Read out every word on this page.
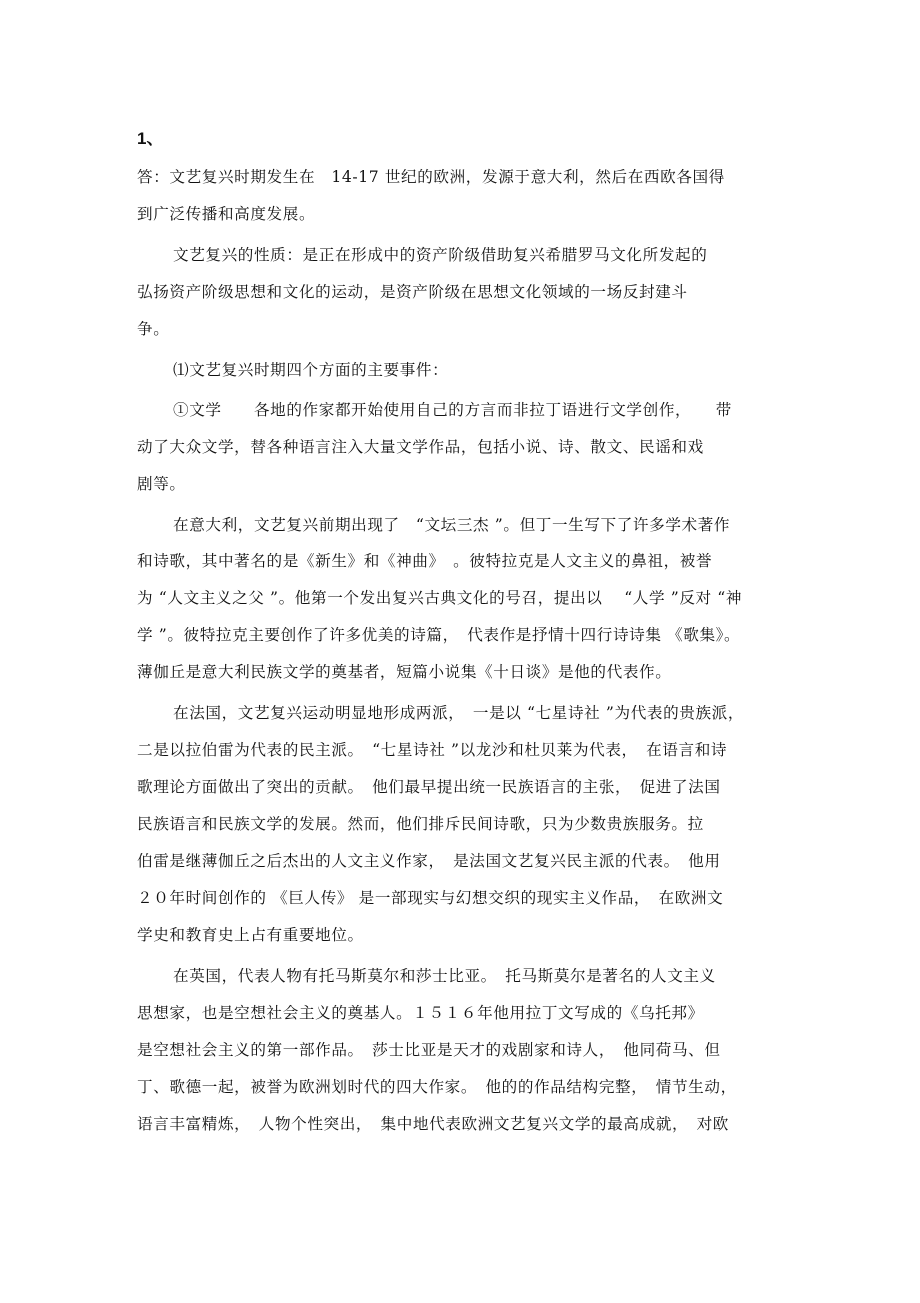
1、
答：文艺复兴时期发生在　14-17 世纪的欧洲，发源于意大利，然后在西欧各国得
到广泛传播和高度发展。
文艺复兴的性质：是正在形成中的资产阶级借助复兴希腊罗马文化所发起的
弘扬资产阶级思想和文化的运动，是资产阶级在思想文化领域的一场反封建斗
争。
⑴文艺复兴时期四个方面的主要事件：
①文学　　各地的作家都开始使用自己的方言而非拉丁语进行文学创作，　　带
动了大众文学，替各种语言注入大量文学作品，包括小说、诗、散文、民谣和戏
剧等。
在意大利，文艺复兴前期出现了　“文坛三杰 ”。但丁一生写下了许多学术著作
和诗歌，其中著名的是《新生》和《神曲》　。彼特拉克是人文主义的鼻祖，被誉
为 “人文主义之父 ”。他第一个发出复兴古典文化的号召，提出以　 “人学 ”反对 “神
学 ”。彼特拉克主要创作了许多优美的诗篇，　代表作是抒情十四行诗诗集 《歌集》。
薄伽丘是意大利民族文学的奠基者，短篇小说集《十日谈》是他的代表作。
在法国，文艺复兴运动明显地形成两派，　一是以 “七星诗社 ”为代表的贵族派，
二是以拉伯雷为代表的民主派。　“七星诗社 ”以龙沙和杜贝莱为代表，　在语言和诗
歌理论方面做出了突出的贡献。　他们最早提出统一民族语言的主张，　促进了法国
民族语言和民族文学的发展。然而，他们排斥民间诗歌，只为少数贵族服务。拉
伯雷是继薄伽丘之后杰出的人文主义作家，　是法国文艺复兴民主派的代表。　他用
２０年时间创作的 《巨人传》 是一部现实与幻想交织的现实主义作品，　在欧洲文
学史和教育史上占有重要地位。
在英国，代表人物有托马斯莫尔和莎士比亚。　托马斯莫尔是著名的人文主义
思想家，也是空想社会主义的奠基人。１５１６年他用拉丁文写成的《乌托邦》
是空想社会主义的第一部作品。　莎士比亚是天才的戏剧家和诗人，　他同荷马、但
丁、歌德一起，被誉为欧洲划时代的四大作家。　他的的作品结构完整，　情节生动，
语言丰富精炼，　人物个性突出，　集中地代表欧洲文艺复兴文学的最高成就，　对欧
